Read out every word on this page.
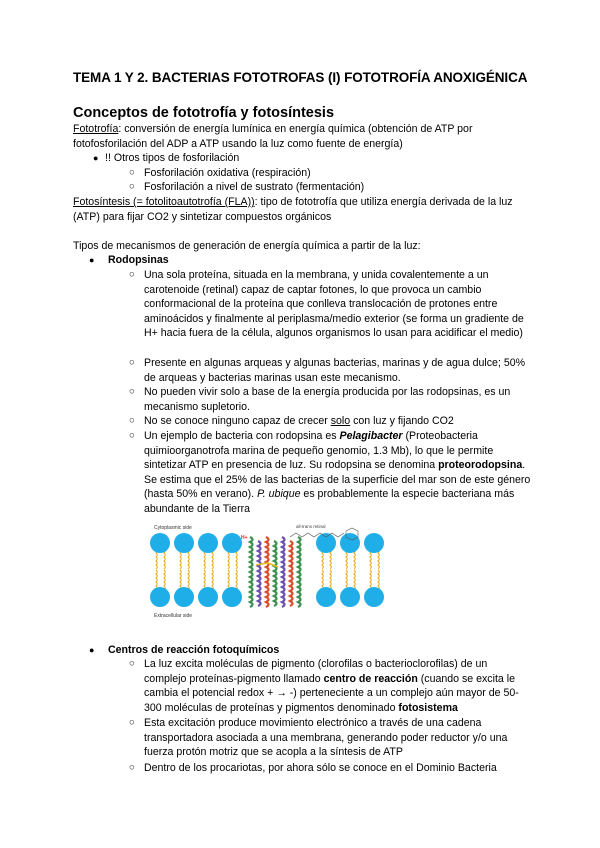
TEMA 1 Y 2. BACTERIAS FOTOTROFAS (I) FOTOTROFÍA ANOXIGÉNICA
Conceptos de fototrofía y fotosíntesis
Fototrofía: conversión de energía lumínica en energía química (obtención de ATP por fotofosforilación del ADP a ATP usando la luz como fuente de energía)
● !! Otros tipos de fosforilación
○ Fosforilación oxidativa (respiración)
○ Fosforilación a nivel de sustrato (fermentación)
Fotosíntesis (= fotolitoautotrofía (FLA)): tipo de fototrofía que utiliza energía derivada de la luz (ATP) para fijar CO2 y sintetizar compuestos orgánicos
Tipos de mecanismos de generación de energía química a partir de la luz:
● Rodopsinas
○ Una sola proteína, situada en la membrana, y unida covalentemente a un carotenoide (retinal) capaz de captar fotones, lo que provoca un cambio conformacional de la proteína que conlleva translocación de protones entre aminoácidos y finalmente al periplasma/medio exterior (se forma un gradiente de H+ hacia fuera de la célula, algunos organismos lo usan para acidificar el medio)
○ Presente en algunas arqueas y algunas bacterias, marinas y de agua dulce; 50% de arqueas y bacterias marinas usan este mecanismo.
○ No pueden vivir solo a base de la energía producida por las rodopsinas, es un mecanismo supletorio.
○ No se conoce ninguno capaz de crecer solo con luz y fijando CO2
○ Un ejemplo de bacteria con rodopsina es Pelagibacter (Proteobacteria quimioorganotrofa marina de pequeño genomio, 1.3 Mb), lo que le permite sintetizar ATP en presencia de luz. Su rodopsina se denomina proteorodopsina. Se estima que el 25% de las bacterias de la superficie del mar son de este género (hasta 50% en verano). P. ubique es probablemente la especie bacteriana más abundante de la Tierra
Cytoplasmic side
Extracellular side
all-trans retinal
H+
● Centros de reacción fotoquímicos
○ La luz excita moléculas de pigmento (clorofilas o bacterioclorofilas) de un complejo proteínas-pigmento llamado centro de reacción (cuando se excita le cambia el potencial redox + → -) perteneciente a un complejo aún mayor de 50-300 moléculas de proteínas y pigmentos denominado fotosistema
○ Esta excitación produce movimiento electrónico a través de una cadena transportadora asociada a una membrana, generando poder reductor y/o una fuerza protón motriz que se acopla a la síntesis de ATP
○ Dentro de los procariotas, por ahora sólo se conoce en el Dominio Bacteria
